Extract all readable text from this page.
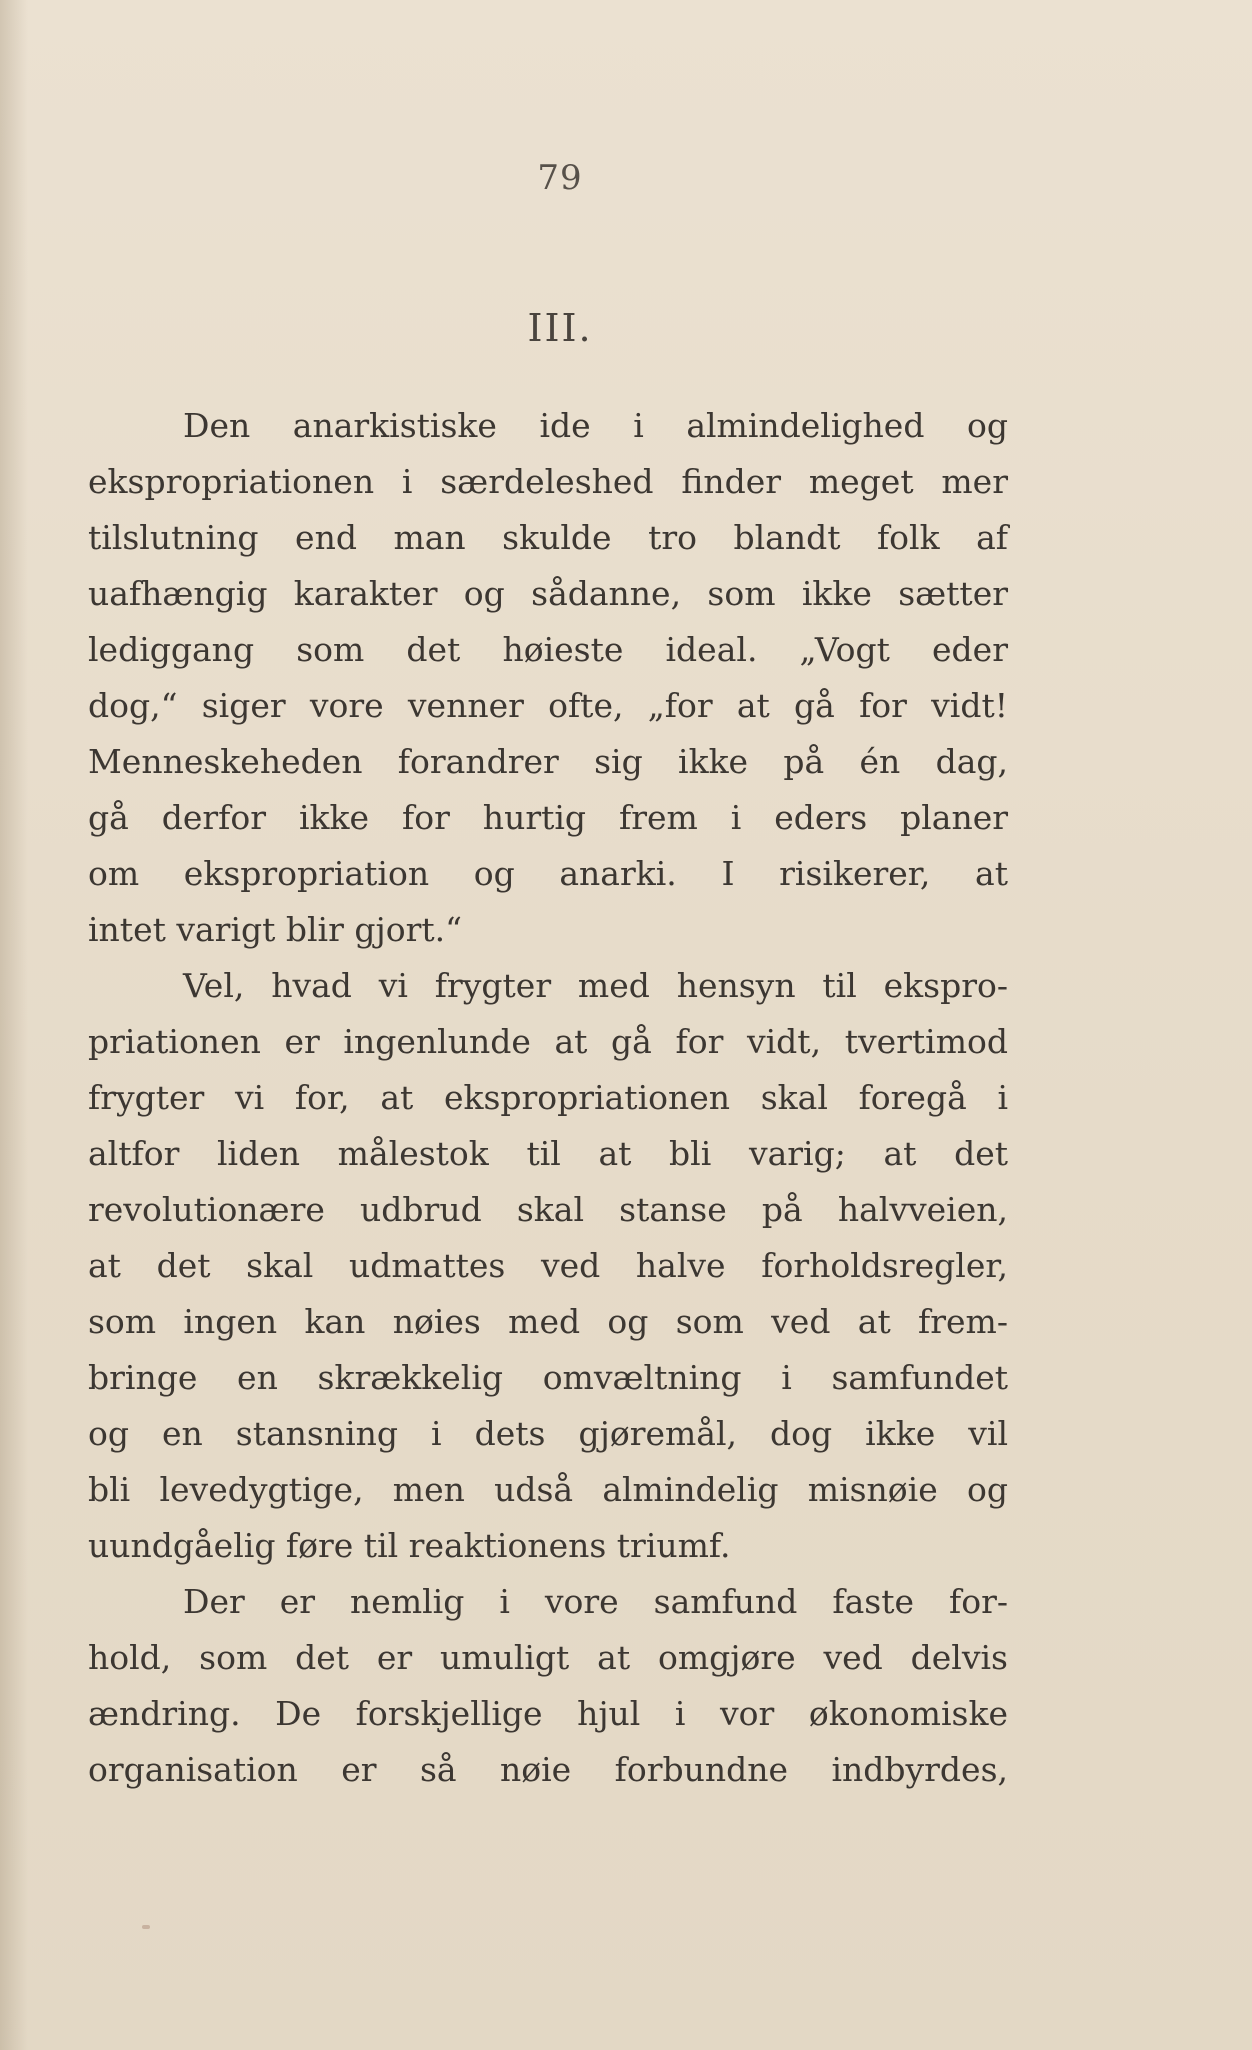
79
III.
Den anarkistiske ide i almindelighed og
ekspropriationen i særdeleshed finder meget mer
tilslutning end man skulde tro blandt folk af
uafhængig karakter og sådanne, som ikke sætter
lediggang som det høieste ideal. „Vogt eder
dog,“ siger vore venner ofte, „for at gå for vidt!
Menneskeheden forandrer sig ikke på én dag,
gå derfor ikke for hurtig frem i eders planer
om ekspropriation og anarki. I risikerer, at
intet varigt blir gjort.“
Vel, hvad vi frygter med hensyn til ekspro-
priationen er ingenlunde at gå for vidt, tvertimod
frygter vi for, at ekspropriationen skal foregå i
altfor liden målestok til at bli varig; at det
revolutionære udbrud skal stanse på halvveien,
at det skal udmattes ved halve forholdsregler,
som ingen kan nøies med og som ved at frem-
bringe en skrækkelig omvæltning i samfundet
og en stansning i dets gjøremål, dog ikke vil
bli levedygtige, men udså almindelig misnøie og
uundgåelig føre til reaktionens triumf.
Der er nemlig i vore samfund faste for-
hold, som det er umuligt at omgjøre ved delvis
ændring. De forskjellige hjul i vor økonomiske
organisation er så nøie forbundne indbyrdes,
